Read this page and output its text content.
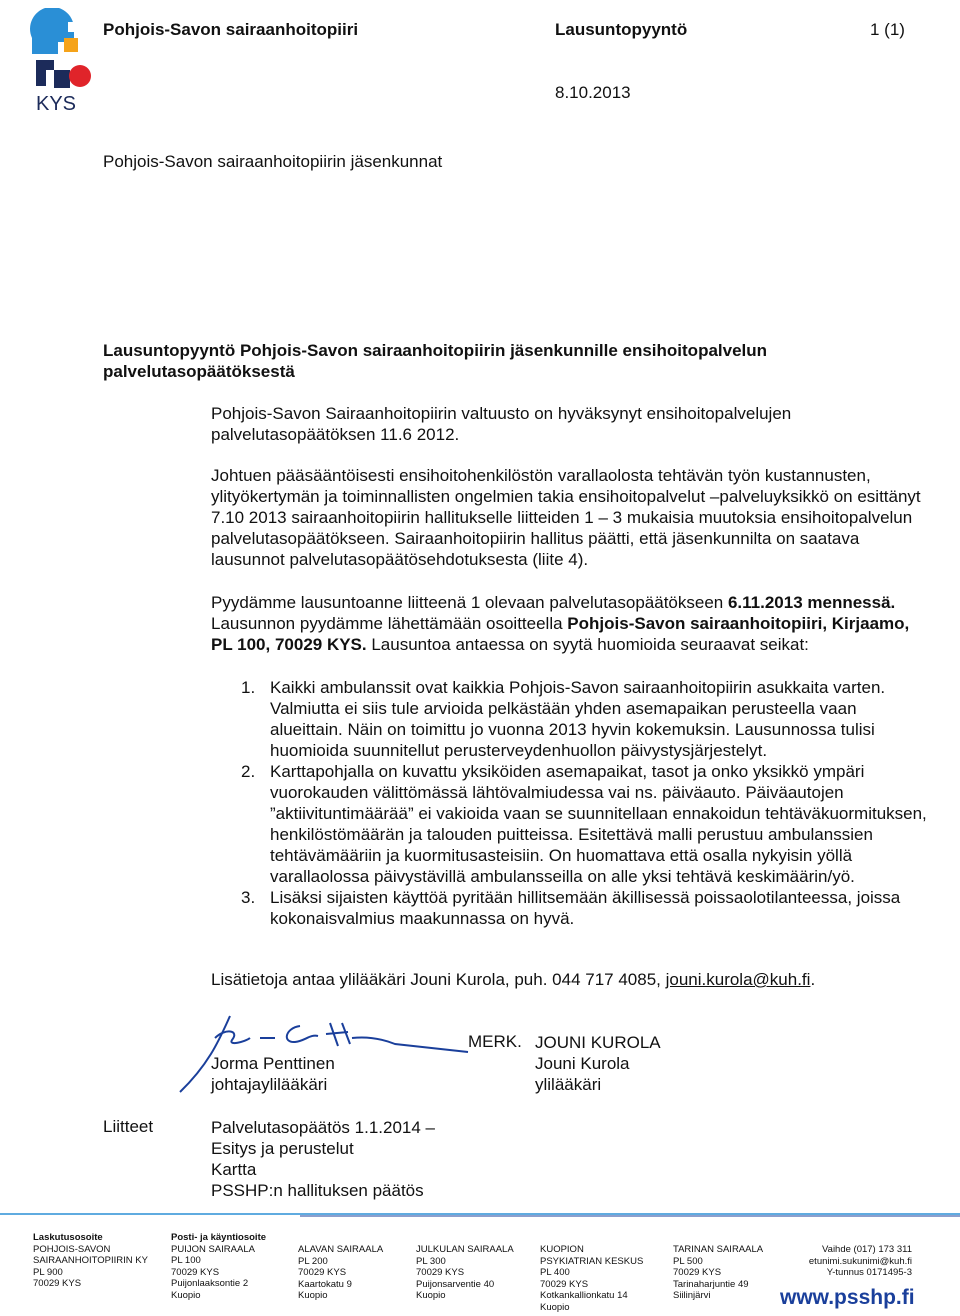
KYS
Pohjois-Savon sairaanhoitopiiri	Lausuntopyyntö	1 (1)
8.10.2013
Pohjois-Savon sairaanhoitopiirin jäsenkunnat
Lausuntopyyntö Pohjois-Savon sairaanhoitopiirin jäsenkunnille ensihoitopalvelun palvelutasopäätöksestä
Pohjois-Savon Sairaanhoitopiirin valtuusto on hyväksynyt ensihoitopalvelujen palvelutasopäätöksen 11.6 2012.
Johtuen pääsääntöisesti ensihoitohenkilöstön varallaolosta tehtävän työn kustannusten, ylityökertymän ja toiminnallisten ongelmien takia ensihoitopalvelut –palveluyksikkö on esittänyt 7.10 2013 sairaanhoitopiirin hallitukselle liitteiden 1 – 3 mukaisia muutoksia ensihoitopalvelun palvelutasopäätökseen. Sairaanhoitopiirin hallitus päätti, että jäsenkunnilta on saatava lausunnot palvelutasopäätösehdotuksesta (liite 4).
Pyydämme lausuntoanne liitteenä 1 olevaan palvelutasopäätökseen 6.11.2013 mennessä. Lausunnon pyydämme lähettämään osoitteella Pohjois-Savon sairaanhoitopiiri, Kirjaamo, PL 100, 70029 KYS. Lausuntoa antaessa on syytä huomioida seuraavat seikat:
1. Kaikki ambulanssit ovat kaikkia Pohjois-Savon sairaanhoitopiirin asukkaita varten. Valmiutta ei siis tule arvioida pelkästään yhden asemapaikan perusteella vaan alueittain. Näin on toimittu jo vuonna 2013 hyvin kokemuksin. Lausunnossa tulisi huomioida suunnitellut perusterveydenhuollon päivystysjärjestelyt.
2. Karttapohjalla on kuvattu yksiköiden asemapaikat, tasot ja onko yksikkö ympäri vuorokauden välittömässä lähtövalmiudessa vai ns. päiväauto. Päiväautojen ”aktiivituntimäärää” ei vakioida vaan se suunnitellaan ennakoidun tehtäväkuormituksen, henkilöstömäärän ja talouden puitteissa. Esitettävä malli perustuu ambulanssien tehtävämääriin ja kuormitusasteisiin. On huomattava että osalla nykyisin yöllä varallaolossa päivystävillä ambulansseilla on alle yksi tehtävä keskimäärin/yö.
3. Lisäksi sijaisten käyttöä pyritään hillitsemään äkillisessä poissaolotilanteessa, joissa kokonaisvalmius maakunnassa on hyvä.
Lisätietoja antaa ylilääkäri Jouni Kurola, puh. 044 717 4085, jouni.kurola@kuh.fi.
Jorma Penttinen
johtajaylilääkäri
MERK. JOUNI KUROLA
Jouni Kurola
ylilääkäri
Liitteet	Palvelutasopäätös 1.1.2014 –
Esitys ja perustelut
Kartta
PSSHP:n hallituksen päätös
Laskutusosoite
POHJOIS-SAVON
SAIRAANHOITOPIIRIN KY
PL 900
70029 KYS
Posti- ja käyntiosoite
PUIJON SAIRAALA
PL 100
70029 KYS
Puijonlaaksontie 2
Kuopio
ALAVAN SAIRAALA
PL 200
70029 KYS
Kaartokatu 9
Kuopio
JULKULAN SAIRAALA
PL 300
70029 KYS
Puijonsarventie 40
Kuopio
KUOPION
PSYKIATRIAN KESKUS
PL 400
70029 KYS
Kotkankallionkatu 14
Kuopio
TARINAN SAIRAALA
PL 500
70029 KYS
Tarinaharjuntie 49
Siilinjärvi
Vaihde (017) 173 311
etunimi.sukunimi@kuh.fi
Y-tunnus 0171495-3
www.psshp.fi
